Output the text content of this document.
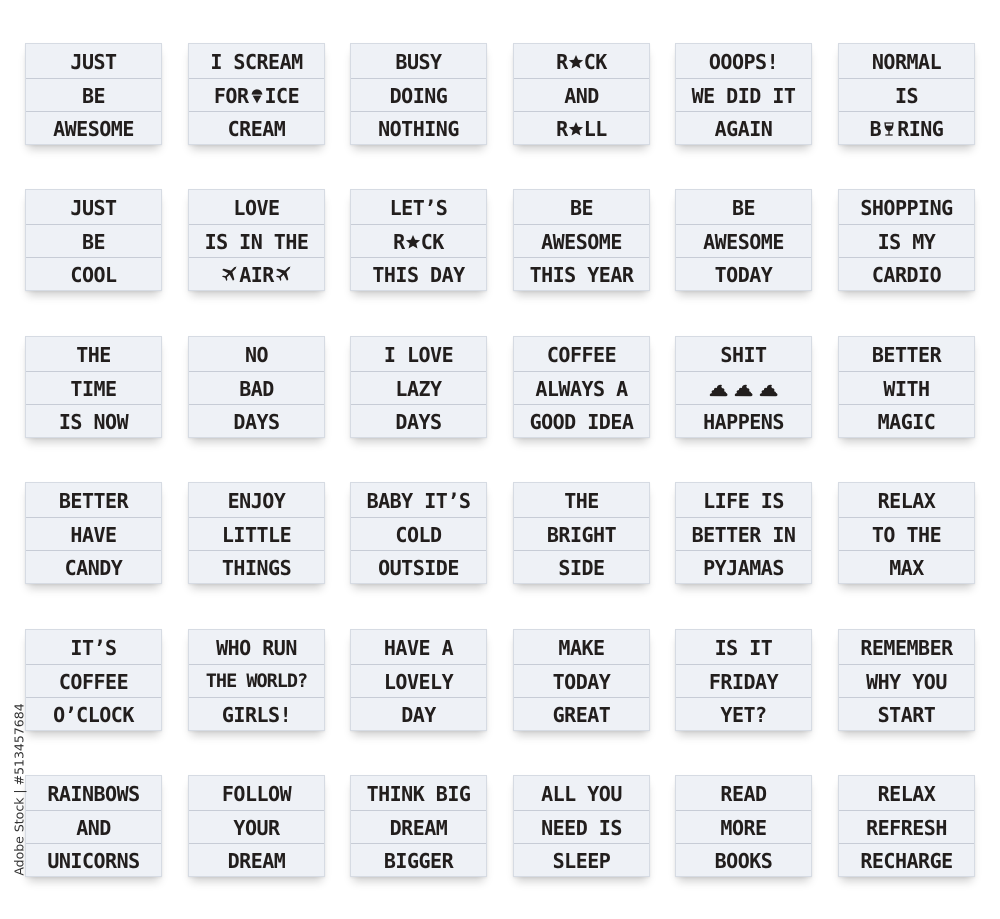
JUST
BE
AWESOME
I SCREAM
FOR ICE
CREAM
BUSY
DOING
NOTHING
R CK
AND
R LL
OOOPS!
WE DID IT
AGAIN
NORMAL
IS
B RING
JUST
BE
COOL
LOVE
IS IN THE
AIR
LET’S
R CK
THIS DAY
BE
AWESOME
THIS YEAR
BE
AWESOME
TODAY
SHOPPING
IS MY
CARDIO
THE
TIME
IS NOW
NO
BAD
DAYS
I LOVE
LAZY
DAYS
COFFEE
ALWAYS A
GOOD IDEA
SHIT
HAPPENS
BETTER
WITH
MAGIC
BETTER
HAVE
CANDY
ENJOY
LITTLE
THINGS
BABY IT’S
COLD
OUTSIDE
THE
BRIGHT
SIDE
LIFE IS
BETTER IN
PYJAMAS
RELAX
TO THE
MAX
IT’S
COFFEE
O’CLOCK
WHO RUN
THE WORLD?
GIRLS!
HAVE A
LOVELY
DAY
MAKE
TODAY
GREAT
IS IT
FRIDAY
YET?
REMEMBER
WHY YOU
START
RAINBOWS
AND
UNICORNS
FOLLOW
YOUR
DREAM
THINK BIG
DREAM
BIGGER
ALL YOU
NEED IS
SLEEP
READ
MORE
BOOKS
RELAX
REFRESH
RECHARGE
Adobe Stock | #513457684
